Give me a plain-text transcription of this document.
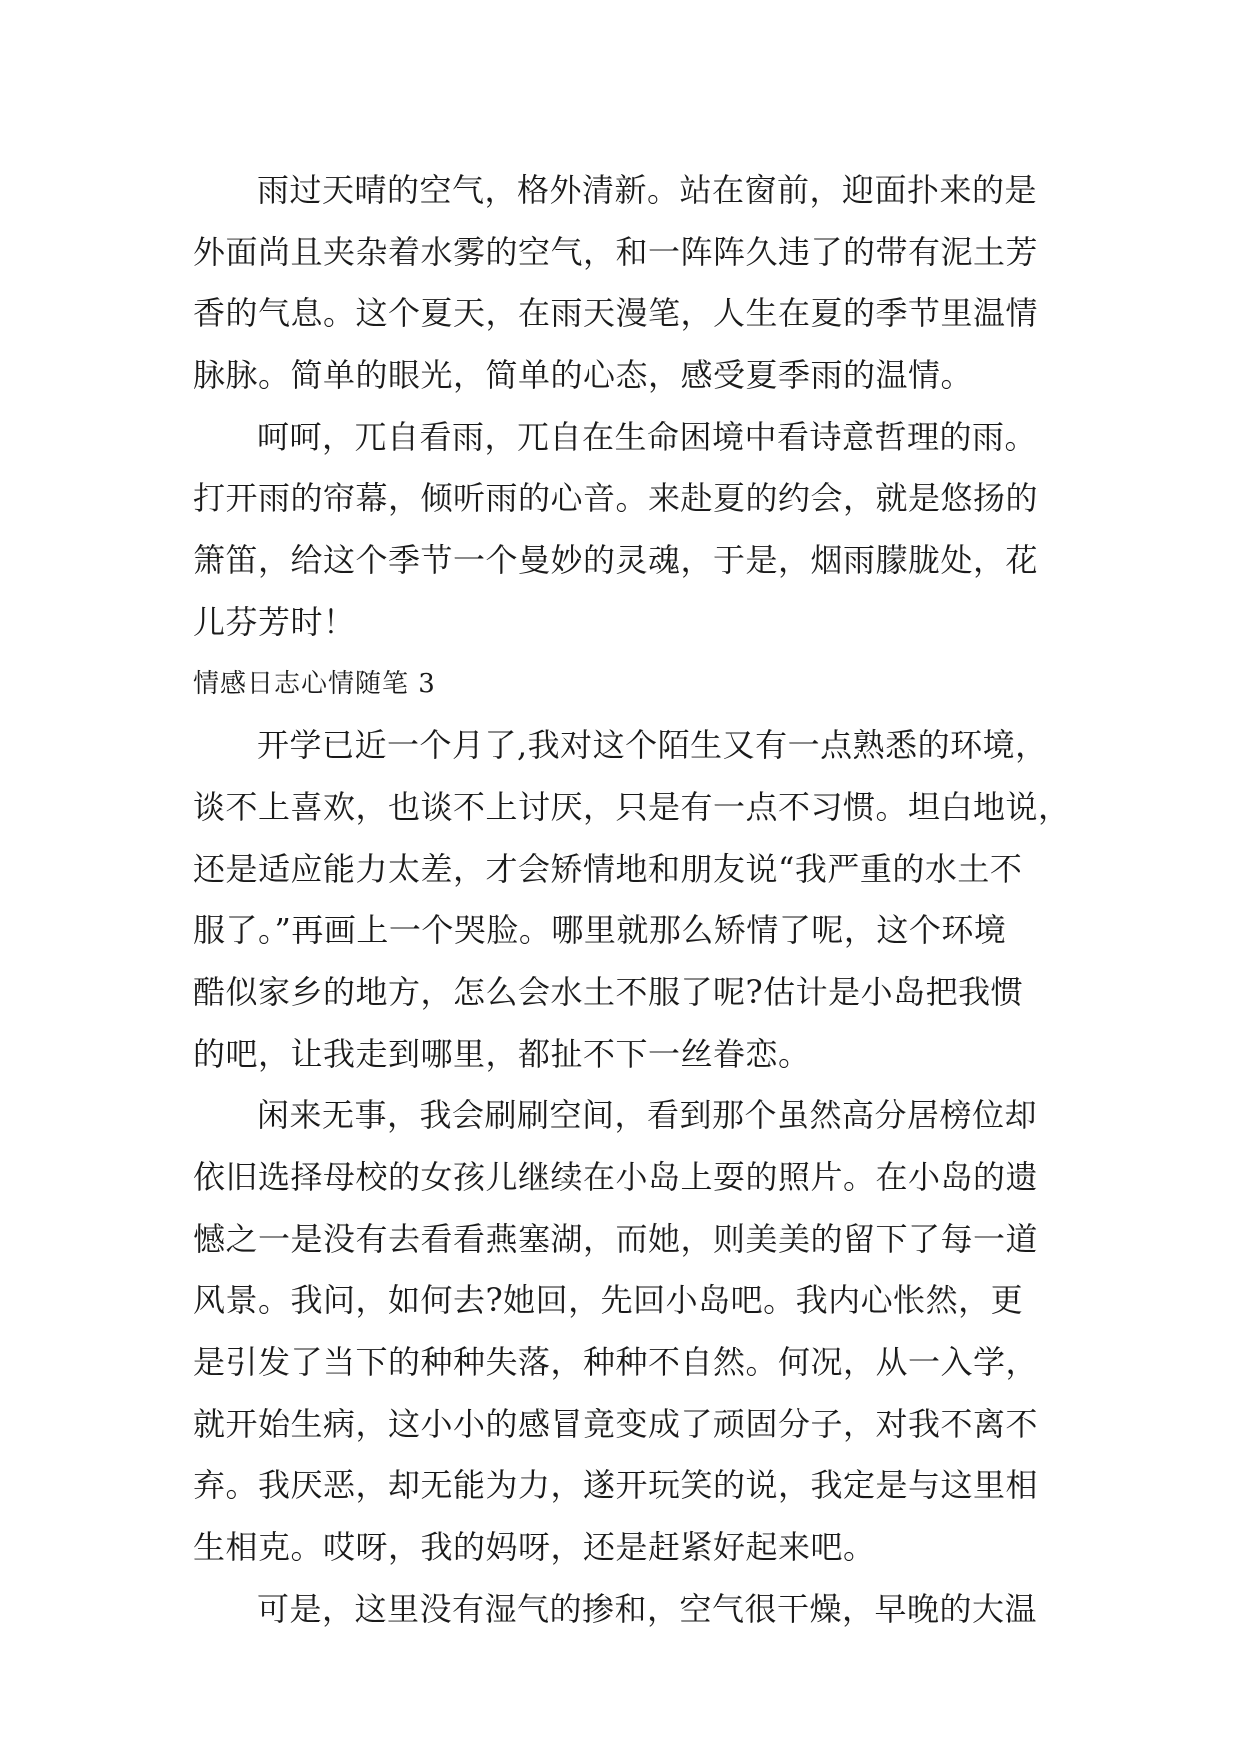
雨过天晴的空气，格外清新。站在窗前，迎面扑来的是
外面尚且夹杂着水雾的空气，和一阵阵久违了的带有泥土芳
香的气息。这个夏天，在雨天漫笔，人生在夏的季节里温情
脉脉。简单的眼光，简单的心态，感受夏季雨的温情。
呵呵，兀自看雨，兀自在生命困境中看诗意哲理的雨。
打开雨的帘幕，倾听雨的心音。来赴夏的约会，就是悠扬的
箫笛，给这个季节一个曼妙的灵魂，于是，烟雨朦胧处，花
儿芬芳时！
情感日志心情随笔 3
开学已近一个月了,我对这个陌生又有一点熟悉的环境，
谈不上喜欢，也谈不上讨厌，只是有一点不习惯。坦白地说，
还是适应能力太差，才会矫情地和朋友说“我严重的水土不
服了。”再画上一个哭脸。哪里就那么矫情了呢，这个环境
酷似家乡的地方，怎么会水土不服了呢?估计是小岛把我惯
的吧，让我走到哪里，都扯不下一丝眷恋。
闲来无事，我会刷刷空间，看到那个虽然高分居榜位却
依旧选择母校的女孩儿继续在小岛上耍的照片。在小岛的遗
憾之一是没有去看看燕塞湖，而她，则美美的留下了每一道
风景。我问，如何去?她回，先回小岛吧。我内心怅然，更
是引发了当下的种种失落，种种不自然。何况，从一入学，
就开始生病，这小小的感冒竟变成了顽固分子，对我不离不
弃。我厌恶，却无能为力，遂开玩笑的说，我定是与这里相
生相克。哎呀，我的妈呀，还是赶紧好起来吧。
可是，这里没有湿气的掺和，空气很干燥，早晚的大温
